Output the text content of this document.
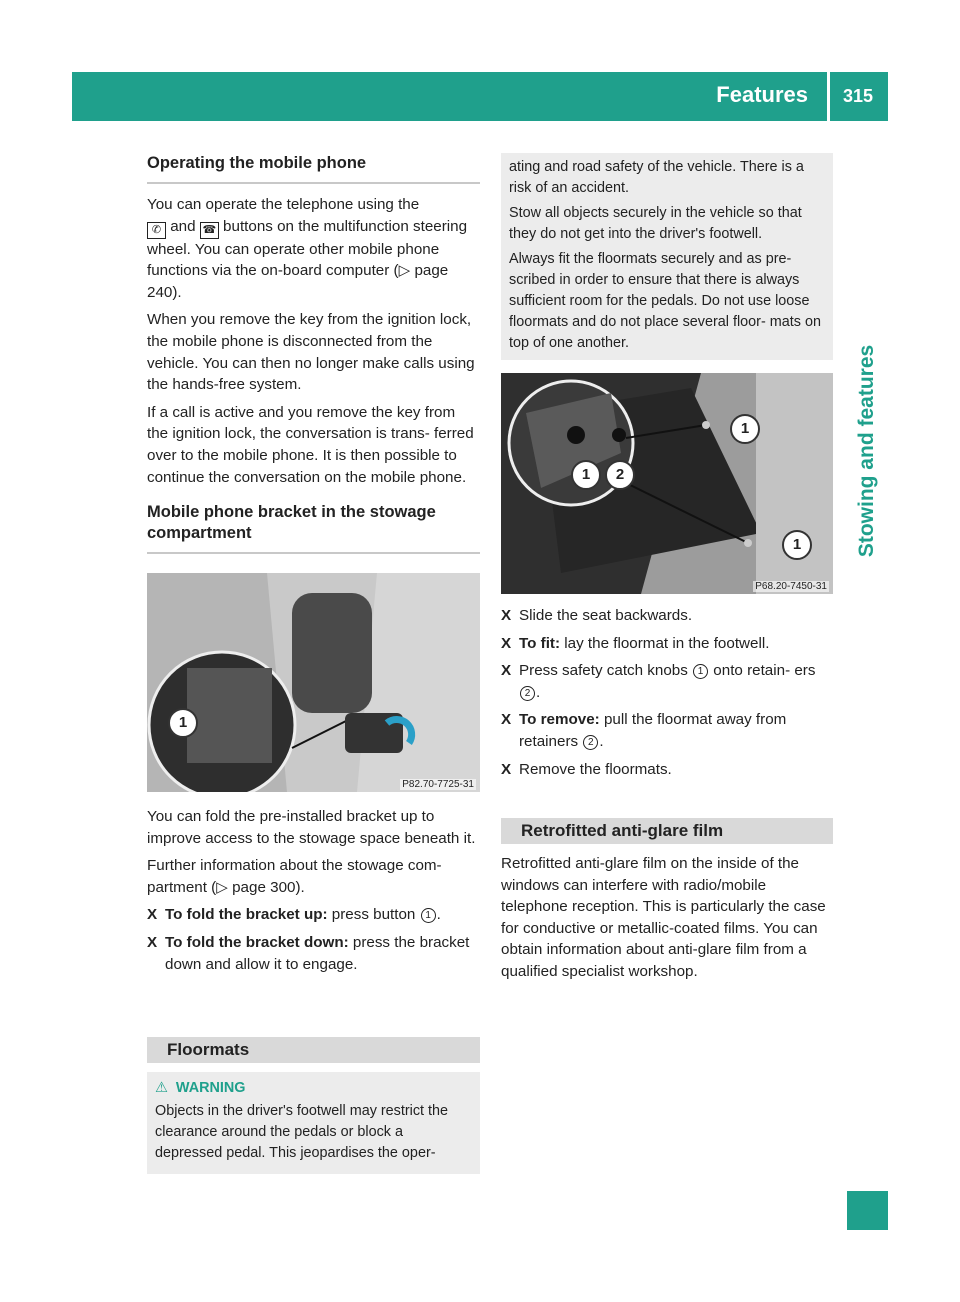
Features	315
Stowing and features
Operating the mobile phone

You can operate the telephone using the
✆ and ☎ buttons on the multifunction steering wheel. You can operate other mobile phone functions via the on-board computer (▷ page 240).

When you remove the key from the ignition lock, the mobile phone is disconnected from the vehicle. You can then no longer make calls using the hands-free system.

If a call is active and you remove the key from the ignition lock, the conversation is trans- ferred over to the mobile phone. It is then possible to continue the conversation on the mobile phone.

Mobile phone bracket in the stowage compartment
1
P82.70-7725-31

You can fold the pre-installed bracket up to improve access to the stowage space beneath it.

Further information about the stowage com- partment (▷ page 300).

X To fold the bracket up: press button 1 .
X To fold the bracket down: press the bracket down and allow it to engage.
Floormats
⚠ WARNING
Objects in the driver's footwell may restrict the clearance around the pedals or block a depressed pedal. This jeopardises the oper-

ating and road safety of the vehicle. There is a risk of an accident.

Stow all objects securely in the vehicle so that they do not get into the driver's footwell.

Always fit the floormats securely and as pre- scribed in order to ensure that there is always sufficient room for the pedals. Do not use loose floormats and do not place several floor- mats on top of one another.

1
1	2
1
P68.20-7450-31
X Slide the seat backwards.
X To fit: lay the floormat in the footwell.
X Press safety catch knobs 1 onto retain- ers 2 .
X To remove: pull the floormat away from retainers 2 .
X Remove the floormats.
Retrofitted anti-glare film

Retrofitted anti-glare film on the inside of the windows can interfere with radio/mobile telephone reception. This is particularly the case for conductive or metallic-coated films. You can obtain information about anti-glare film from a qualified specialist workshop.
